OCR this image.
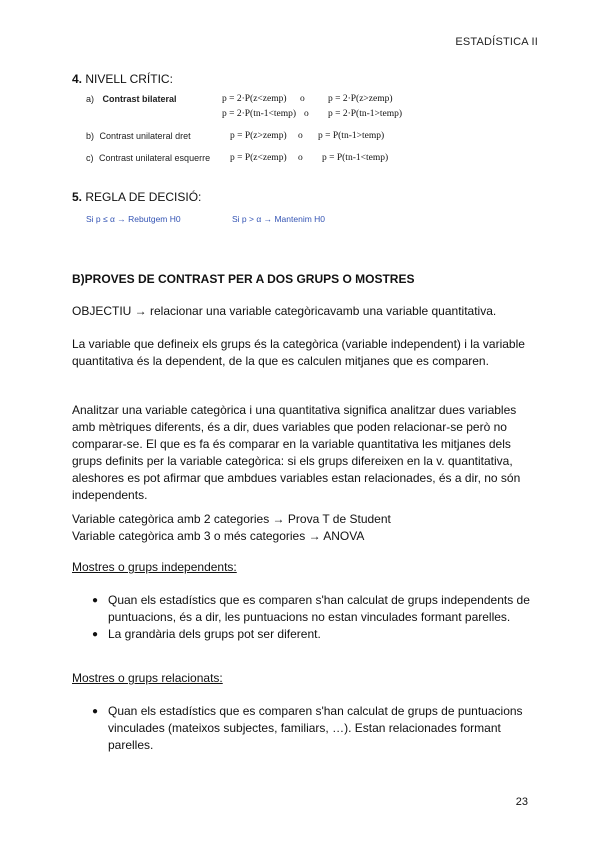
ESTADÍSTICA II
4. NIVELL CRÍTIC:
a) Contrast bilateral	p = 2·P(z<zemp) o p = 2·P(z>zemp)
p = 2·P(tn-1<temp) o p = 2·P(tn-1>temp)
b) Contrast unilateral dret	p = P(z>zemp) o p = P(tn-1>temp)
c) Contrast unilateral esquerre p = P(z<zemp) o p = P(tn-1<temp)
5. REGLA DE DECISIÓ:
Si p ≤ α → Rebutgem H0	Si p > α → Mantenim H0
B)PROVES DE CONTRAST PER A DOS GRUPS O MOSTRES
OBJECTIU → relacionar una variable categòricavamb una variable quantitativa.
La variable que defineix els grups és la categòrica (variable independent) i la variable quantitativa és la dependent, de la que es calculen mitjanes que es comparen.
Analitzar una variable categòrica i una quantitativa significa analitzar dues variables amb mètriques diferents, és a dir, dues variables que poden relacionar-se però no comparar-se. El que es fa és comparar en la variable quantitativa les mitjanes dels grups definits per la variable categòrica: si els grups difereixen en la v. quantitativa, aleshores es pot afirmar que ambdues variables estan relacionades, és a dir, no són independents.
Variable categòrica amb 2 categories → Prova T de Student
Variable categòrica amb 3 o més categories → ANOVA
Mostres o grups independents:
● Quan els estadístics que es comparen s'han calculat de grups independents de puntuacions, és a dir, les puntuacions no estan vinculades formant parelles.
● La grandària dels grups pot ser diferent.
Mostres o grups relacionats:
● Quan els estadístics que es comparen s'han calculat de grups de puntuacions vinculades (mateixos subjectes, familiars, …). Estan relacionades formant parelles.
23
